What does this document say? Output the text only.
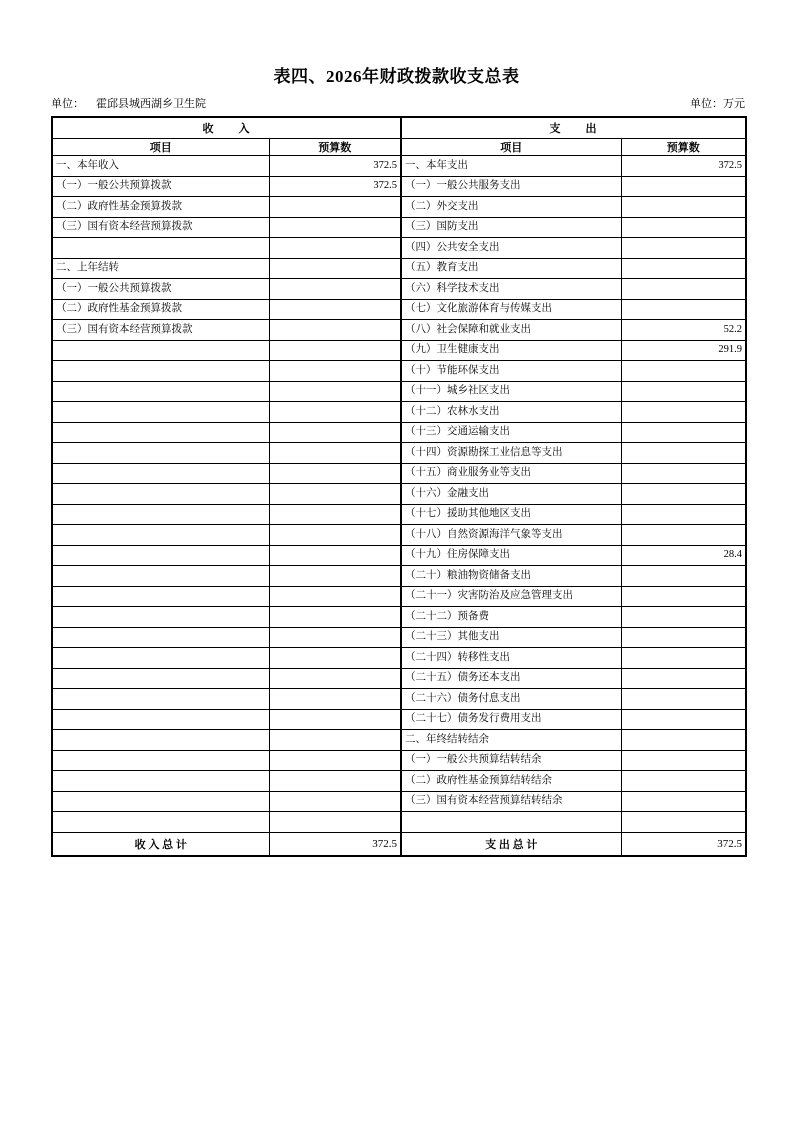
表四、2026年财政拨款收支总表
单位： 霍邱县城西湖乡卫生院	单位：万元
收　　入		支　　出	
项目	预算数	项目	预算数
一、本年收入	372.5	一、本年支出	372.5
（一）一般公共预算拨款	372.5	（一）一般公共服务支出	
（二）政府性基金预算拨款		（二）外交支出	
（三）国有资本经营预算拨款		（三）国防支出	
		（四）公共安全支出	
二、上年结转		（五）教育支出	
（一）一般公共预算拨款		（六）科学技术支出	
（二）政府性基金预算拨款		（七）文化旅游体育与传媒支出	
（三）国有资本经营预算拨款		（八）社会保障和就业支出	52.2
		（九）卫生健康支出	291.9
		（十）节能环保支出	
		（十一）城乡社区支出	
		（十二）农林水支出	
		（十三）交通运输支出	
		（十四）资源勘探工业信息等支出	
		（十五）商业服务业等支出	
		（十六）金融支出	
		（十七）援助其他地区支出	
		（十八）自然资源海洋气象等支出	
		（十九）住房保障支出	28.4
		（二十）粮油物资储备支出	
		（二十一）灾害防治及应急管理支出	
		（二十二）预备费	
		（二十三）其他支出	
		（二十四）转移性支出	
		（二十五）债务还本支出	
		（二十六）债务付息支出	
		（二十七）债务发行费用支出	
		二、年终结转结余	
		（一）一般公共预算结转结余	
		（二）政府性基金预算结转结余	
		（三）国有资本经营预算结转结余	

收 入 总 计	372.5	支 出 总 计	372.5
